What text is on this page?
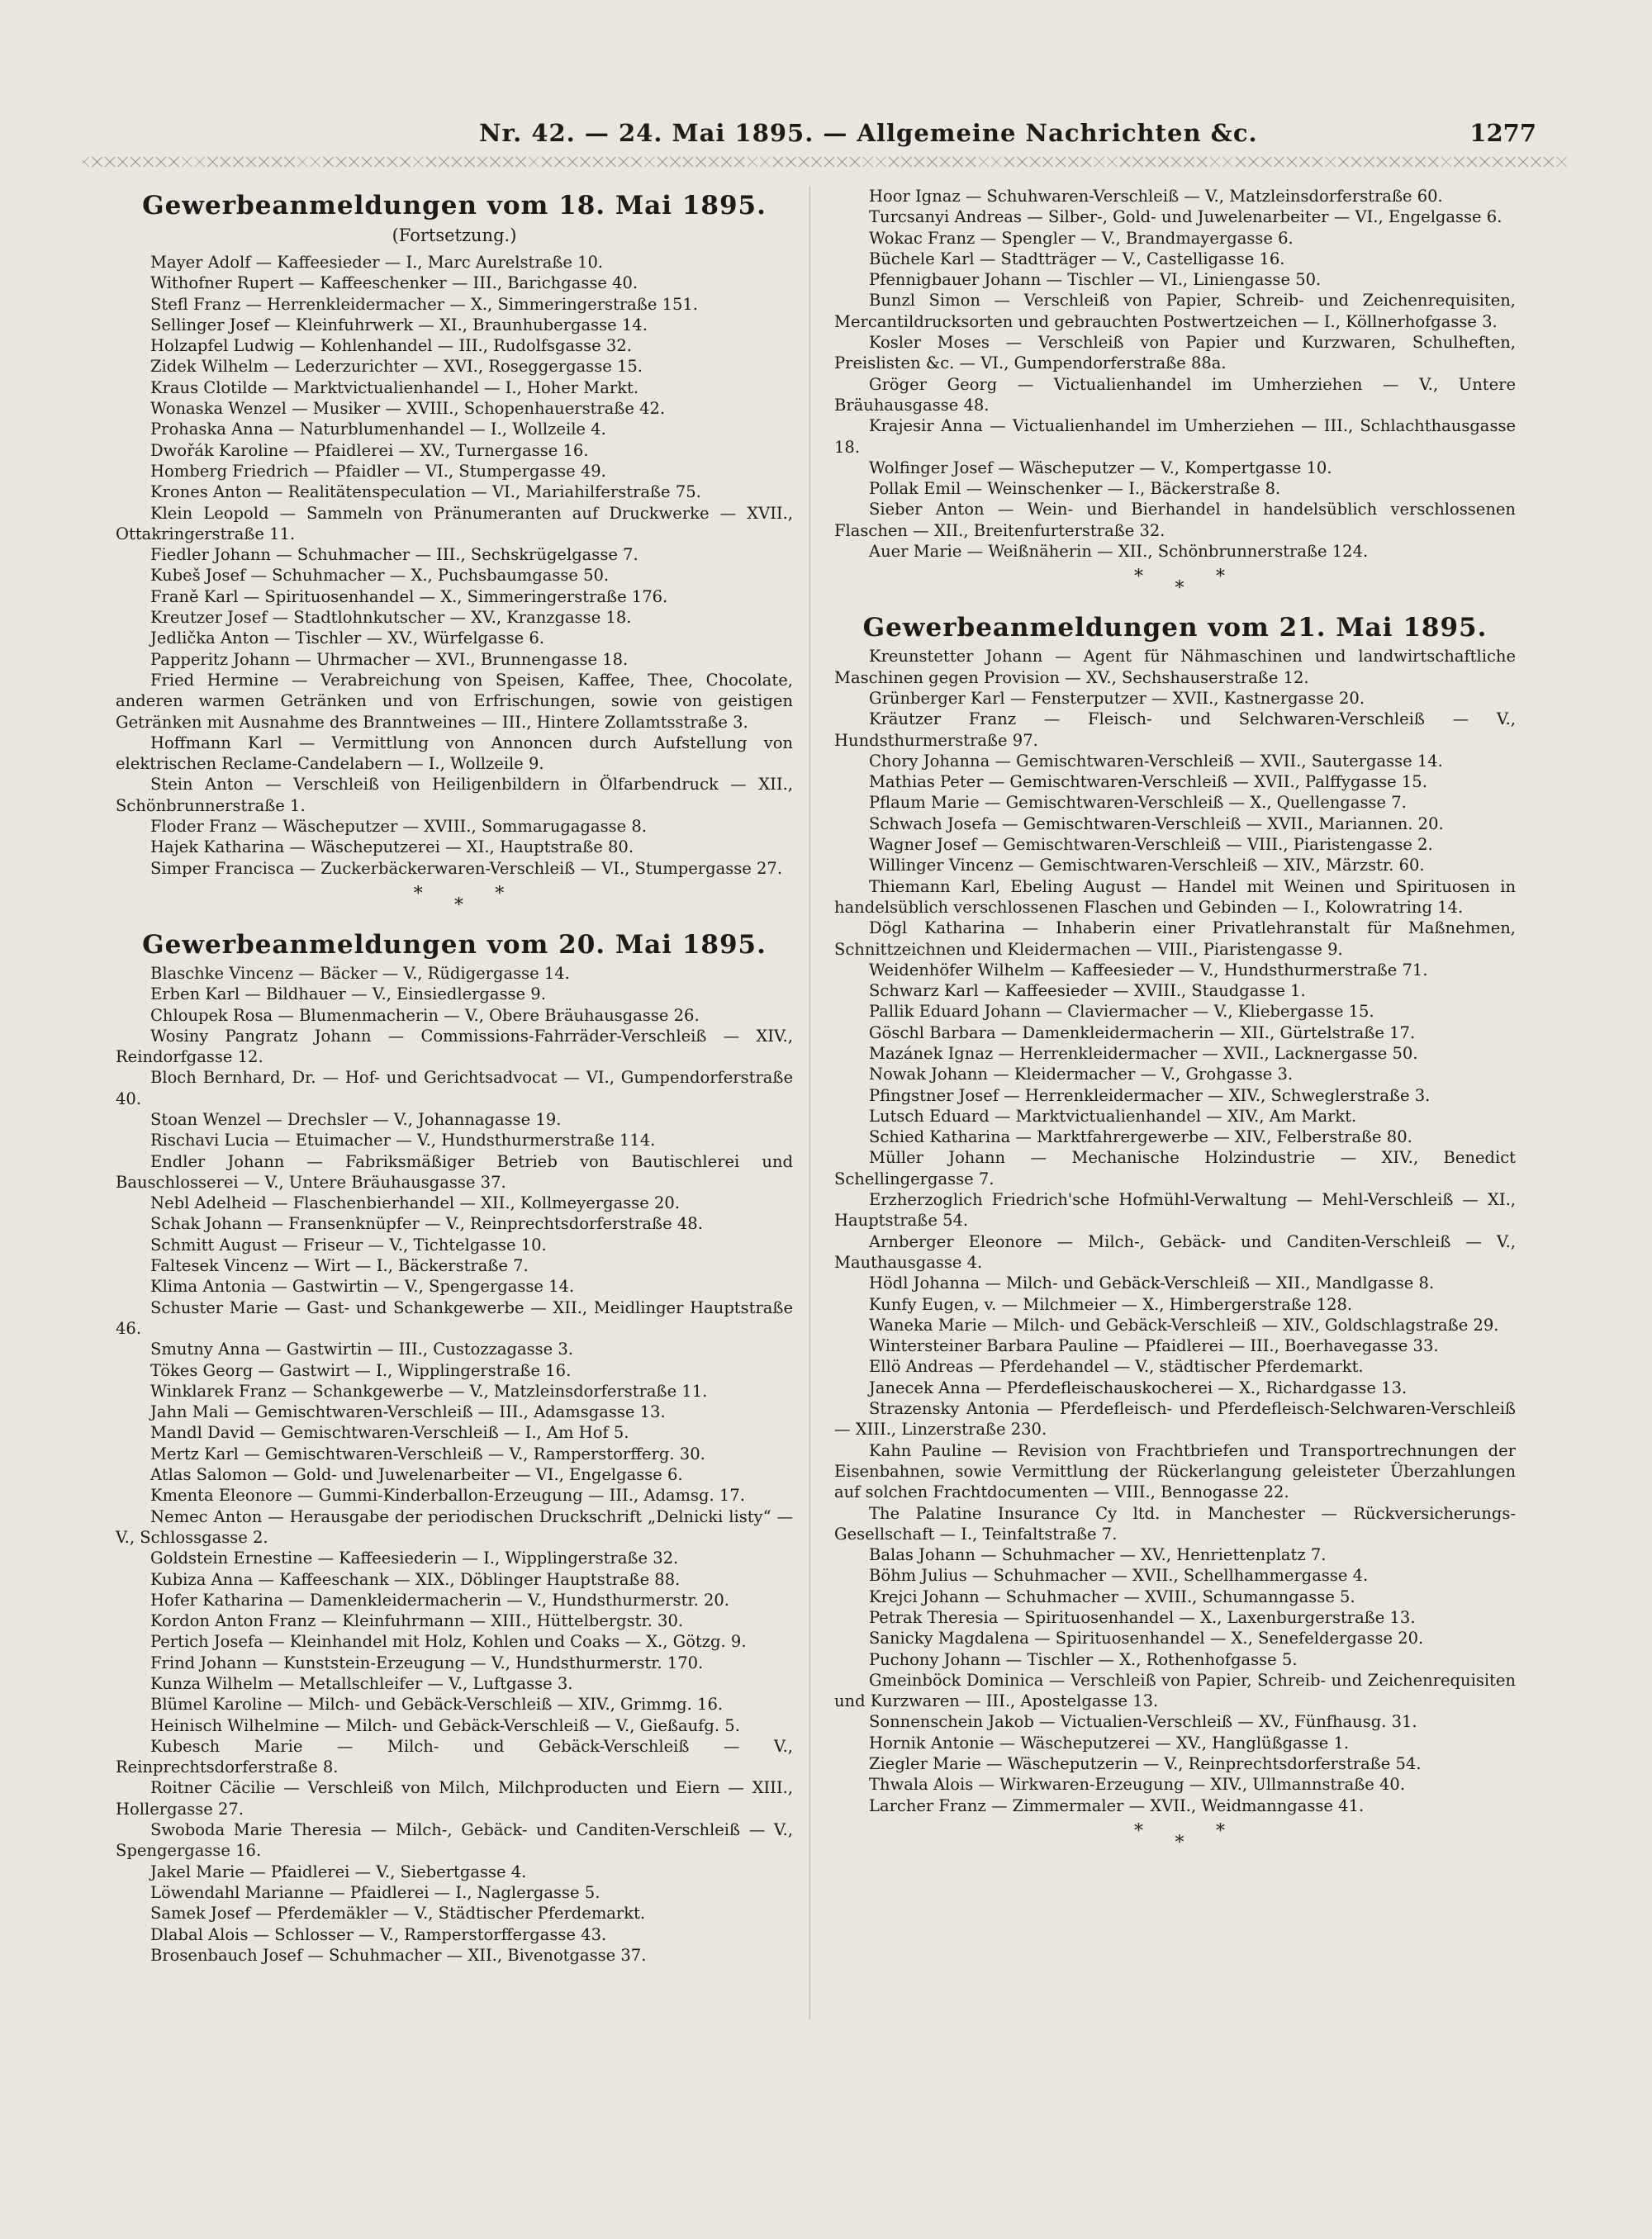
Nr. 42. — 24. Mai 1895. — Allgemeine Nachrichten &c.	1277
Gewerbeanmeldungen vom 18. Mai 1895.
(Fortsetzung.)

Mayer Adolf — Kaffeesieder — I., Marc Aurelstraße 10.

Withofner Rupert — Kaffeeschenker — III., Barichgasse 40.

Stefl Franz — Herrenkleidermacher — X., Simmeringerstraße 151.

Sellinger Josef — Kleinfuhrwerk — XI., Braunhubergasse 14.

Holzapfel Ludwig — Kohlenhandel — III., Rudolfsgasse 32.

Zidek Wilhelm — Lederzurichter — XVI., Roseggergasse 15.

Kraus Clotilde — Marktvictualienhandel — I., Hoher Markt.

Wonaska Wenzel — Musiker — XVIII., Schopenhauerstraße 42.

Prohaska Anna — Naturblumenhandel — I., Wollzeile 4.

Dwořák Karoline — Pfaidlerei — XV., Turnergasse 16.

Homberg Friedrich — Pfaidler — VI., Stumpergasse 49.

Krones Anton — Realitätenspeculation — VI., Mariahilferstraße 75.

Klein Leopold — Sammeln von Pränumeranten auf Druckwerke — XVII., Ottakringerstraße 11.

Fiedler Johann — Schuhmacher — III., Sechskrügelgasse 7.

Kubeš Josef — Schuhmacher — X., Puchsbaumgasse 50.

Franě Karl — Spirituosenhandel — X., Simmeringerstraße 176.

Kreutzer Josef — Stadtlohnkutscher — XV., Kranzgasse 18.

Jedlička Anton — Tischler — XV., Würfelgasse 6.

Papperitz Johann — Uhrmacher — XVI., Brunnengasse 18.

Fried Hermine — Verabreichung von Speisen, Kaffee, Thee, Chocolate, anderen warmen Getränken und von Erfrischungen, sowie von geistigen Getränken mit Ausnahme des Branntweines — III., Hintere Zollamtsstraße 3.

Hoffmann Karl — Vermittlung von Annoncen durch Aufstellung von elektrischen Reclame-Candelabern — I., Wollzeile 9.

Stein Anton — Verschleiß von Heiligenbildern in Ölfarbendruck — XII., Schönbrunnerstraße 1.

Floder Franz — Wäscheputzer — XVIII., Sommarugagasse 8.

Hajek Katharina — Wäscheputzerei — XI., Hauptstraße 80.

Simper Francisca — Zuckerbäckerwaren-Verschleiß — VI., Stumpergasse 27.

*
*
*
Gewerbeanmeldungen vom 20. Mai 1895.

Blaschke Vincenz — Bäcker — V., Rüdigergasse 14.

Erben Karl — Bildhauer — V., Einsiedlergasse 9.

Chloupek Rosa — Blumenmacherin — V., Obere Bräuhausgasse 26.

Wosiny Pangratz Johann — Commissions-Fahrräder-Verschleiß — XIV., Reindorfgasse 12.

Bloch Bernhard, Dr. — Hof- und Gerichtsadvocat — VI., Gumpendorferstraße 40.

Stoan Wenzel — Drechsler — V., Johannagasse 19.

Rischavi Lucia — Etuimacher — V., Hundsthurmerstraße 114.

Endler Johann — Fabriksmäßiger Betrieb von Bautischlerei und Bauschlosserei — V., Untere Bräuhausgasse 37.

Nebl Adelheid — Flaschenbierhandel — XII., Kollmeyergasse 20.

Schak Johann — Fransenknüpfer — V., Reinprechtsdorferstraße 48.

Schmitt August — Friseur — V., Tichtelgasse 10.

Faltesek Vincenz — Wirt — I., Bäckerstraße 7.

Klima Antonia — Gastwirtin — V., Spengergasse 14.

Schuster Marie — Gast- und Schankgewerbe — XII., Meidlinger Hauptstraße 46.

Smutny Anna — Gastwirtin — III., Custozzagasse 3.

Tökes Georg — Gastwirt — I., Wipplingerstraße 16.

Winklarek Franz — Schankgewerbe — V., Matzleinsdorferstraße 11.

Jahn Mali — Gemischtwaren-Verschleiß — III., Adamsgasse 13.

Mandl David — Gemischtwaren-Verschleiß — I., Am Hof 5.

Mertz Karl — Gemischtwaren-Verschleiß — V., Ramperstorfferg. 30.

Atlas Salomon — Gold- und Juwelenarbeiter — VI., Engelgasse 6.

Kmenta Eleonore — Gummi-Kinderballon-Erzeugung — III., Adamsg. 17.

Nemec Anton — Herausgabe der periodischen Druckschrift „Delnicki listy“ — V., Schlossgasse 2.

Goldstein Ernestine — Kaffeesiederin — I., Wipplingerstraße 32.

Kubiza Anna — Kaffeeschank — XIX., Döblinger Hauptstraße 88.

Hofer Katharina — Damenkleidermacherin — V., Hundsthurmerstr. 20.

Kordon Anton Franz — Kleinfuhrmann — XIII., Hüttelbergstr. 30.

Pertich Josefa — Kleinhandel mit Holz, Kohlen und Coaks — X., Götzg. 9.

Frind Johann — Kunststein-Erzeugung — V., Hundsthurmerstr. 170.

Kunza Wilhelm — Metallschleifer — V., Luftgasse 3.

Blümel Karoline — Milch- und Gebäck-Verschleiß — XIV., Grimmg. 16.

Heinisch Wilhelmine — Milch- und Gebäck-Verschleiß — V., Gießaufg. 5.

Kubesch Marie — Milch- und Gebäck-Verschleiß — V., Reinprechtsdorferstraße 8.

Roitner Cäcilie — Verschleiß von Milch, Milchproducten und Eiern — XIII., Hollergasse 27.

Swoboda Marie Theresia — Milch-, Gebäck- und Canditen-Verschleiß — V., Spengergasse 16.

Jakel Marie — Pfaidlerei — V., Siebertgasse 4.

Löwendahl Marianne — Pfaidlerei — I., Naglergasse 5.

Samek Josef — Pferdemäkler — V., Städtischer Pferdemarkt.

Dlabal Alois — Schlosser — V., Ramperstorffergasse 43.

Brosenbauch Josef — Schuhmacher — XII., Bivenotgasse 37.

Hoor Ignaz — Schuhwaren-Verschleiß — V., Matzleinsdorferstraße 60.

Turcsanyi Andreas — Silber-, Gold- und Juwelenarbeiter — VI., Engelgasse 6.

Wokac Franz — Spengler — V., Brandmayergasse 6.

Büchele Karl — Stadtträger — V., Castelligasse 16.

Pfennigbauer Johann — Tischler — VI., Liniengasse 50.

Bunzl Simon — Verschleiß von Papier, Schreib- und Zeichenrequisiten, Mercantildrucksorten und gebrauchten Postwertzeichen — I., Köllnerhofgasse 3.

Kosler Moses — Verschleiß von Papier und Kurzwaren, Schulheften, Preislisten &c. — VI., Gumpendorferstraße 88a.

Gröger Georg — Victualienhandel im Umherziehen — V., Untere Bräuhausgasse 48.

Krajesir Anna — Victualienhandel im Umherziehen — III., Schlachthausgasse 18.

Wolfinger Josef — Wäscheputzer — V., Kompertgasse 10.

Pollak Emil — Weinschenker — I., Bäckerstraße 8.

Sieber Anton — Wein- und Bierhandel in handelsüblich verschlossenen Flaschen — XII., Breitenfurterstraße 32.

Auer Marie — Weißnäherin — XII., Schönbrunnerstraße 124.

*
*
*
Gewerbeanmeldungen vom 21. Mai 1895.

Kreunstetter Johann — Agent für Nähmaschinen und landwirtschaftliche Maschinen gegen Provision — XV., Sechshauserstraße 12.

Grünberger Karl — Fensterputzer — XVII., Kastnergasse 20.

Kräutzer Franz — Fleisch- und Selchwaren-Verschleiß — V., Hundsthurmerstraße 97.

Chory Johanna — Gemischtwaren-Verschleiß — XVII., Sautergasse 14.

Mathias Peter — Gemischtwaren-Verschleiß — XVII., Palffygasse 15.

Pflaum Marie — Gemischtwaren-Verschleiß — X., Quellengasse 7.

Schwach Josefa — Gemischtwaren-Verschleiß — XVII., Mariannen. 20.

Wagner Josef — Gemischtwaren-Verschleiß — VIII., Piaristengasse 2.

Willinger Vincenz — Gemischtwaren-Verschleiß — XIV., Märzstr. 60.

Thiemann Karl, Ebeling August — Handel mit Weinen und Spirituosen in handelsüblich verschlossenen Flaschen und Gebinden — I., Kolowratring 14.

Dögl Katharina — Inhaberin einer Privatlehranstalt für Maßnehmen, Schnittzeichnen und Kleidermachen — VIII., Piaristengasse 9.

Weidenhöfer Wilhelm — Kaffeesieder — V., Hundsthurmerstraße 71.

Schwarz Karl — Kaffeesieder — XVIII., Staudgasse 1.

Pallik Eduard Johann — Claviermacher — V., Kliebergasse 15.

Göschl Barbara — Damenkleidermacherin — XII., Gürtelstraße 17.

Mazánek Ignaz — Herrenkleidermacher — XVII., Lacknergasse 50.

Nowak Johann — Kleidermacher — V., Grohgasse 3.

Pfingstner Josef — Herrenkleidermacher — XIV., Schweglerstraße 3.

Lutsch Eduard — Marktvictualienhandel — XIV., Am Markt.

Schied Katharina — Marktfahrergewerbe — XIV., Felberstraße 80.

Müller Johann — Mechanische Holzindustrie — XIV., Benedict Schellingergasse 7.

Erzherzoglich Friedrich'sche Hofmühl-Verwaltung — Mehl-Verschleiß — XI., Hauptstraße 54.

Arnberger Eleonore — Milch-, Gebäck- und Canditen-Verschleiß — V., Mauthausgasse 4.

Hödl Johanna — Milch- und Gebäck-Verschleiß — XII., Mandlgasse 8.

Kunfy Eugen, v. — Milchmeier — X., Himbergerstraße 128.

Waneka Marie — Milch- und Gebäck-Verschleiß — XIV., Goldschlagstraße 29.

Wintersteiner Barbara Pauline — Pfaidlerei — III., Boerhavegasse 33.

Ellö Andreas — Pferdehandel — V., städtischer Pferdemarkt.

Janecek Anna — Pferdefleischauskocherei — X., Richardgasse 13.

Strazensky Antonia — Pferdefleisch- und Pferdefleisch-Selchwaren-Verschleiß — XIII., Linzerstraße 230.

Kahn Pauline — Revision von Frachtbriefen und Transportrechnungen der Eisenbahnen, sowie Vermittlung der Rückerlangung geleisteter Überzahlungen auf solchen Frachtdocumenten — VIII., Bennogasse 22.

The Palatine Insurance Cy ltd. in Manchester — Rückversicherungs-Gesellschaft — I., Teinfaltstraße 7.

Balas Johann — Schuhmacher — XV., Henriettenplatz 7.

Böhm Julius — Schuhmacher — XVII., Schellhammergasse 4.

Krejci Johann — Schuhmacher — XVIII., Schumanngasse 5.

Petrak Theresia — Spirituosenhandel — X., Laxenburgerstraße 13.

Sanicky Magdalena — Spirituosenhandel — X., Senefeldergasse 20.

Puchony Johann — Tischler — X., Rothenhofgasse 5.

Gmeinböck Dominica — Verschleiß von Papier, Schreib- und Zeichenrequisiten und Kurzwaren — III., Apostelgasse 13.

Sonnenschein Jakob — Victualien-Verschleiß — XV., Fünfhausg. 31.

Hornik Antonie — Wäscheputzerei — XV., Hanglüßgasse 1.

Ziegler Marie — Wäscheputzerin — V., Reinprechtsdorferstraße 54.

Thwala Alois — Wirkwaren-Erzeugung — XIV., Ullmannstraße 40.

Larcher Franz — Zimmermaler — XVII., Weidmanngasse 41.

*
*
*
